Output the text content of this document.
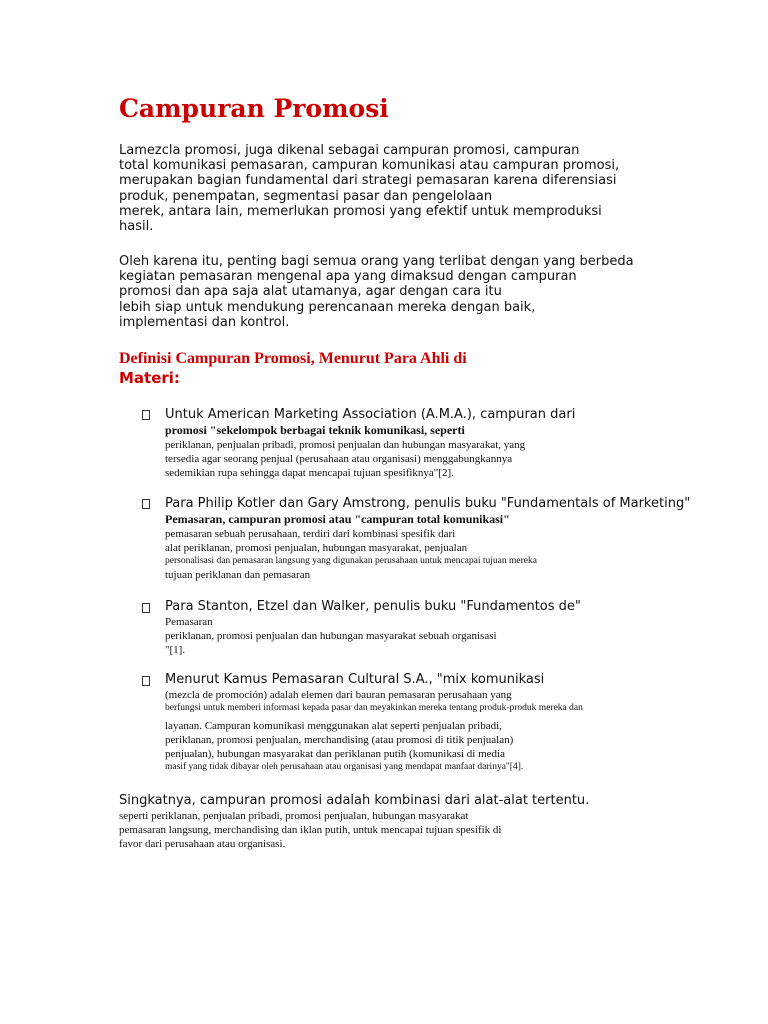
Campuran Promosi

Lamezcla promosi, juga dikenal sebagai campuran promosi, campuran
total komunikasi pemasaran, campuran komunikasi atau campuran promosi,
merupakan bagian fundamental dari strategi pemasaran karena diferensiasi
produk, penempatan, segmentasi pasar dan pengelolaan
merek, antara lain, memerlukan promosi yang efektif untuk memproduksi
hasil.

Oleh karena itu, penting bagi semua orang yang terlibat dengan yang berbeda
kegiatan pemasaran mengenal apa yang dimaksud dengan campuran
promosi dan apa saja alat utamanya, agar dengan cara itu
lebih siap untuk mendukung perencanaan mereka dengan baik,
implementasi dan kontrol.

Definisi Campuran Promosi, Menurut Para Ahli di
Materi:
Untuk American Marketing Association (A.M.A.), campuran dari
promosi "sekelompok berbagai teknik komunikasi, seperti
periklanan, penjualan pribadi, promosi penjualan dan hubungan masyarakat, yang
tersedia agar seorang penjual (perusahaan atau organisasi) menggabungkannya
sedemikian rupa sehingga dapat mencapai tujuan spesifiknya"[2].
Para Philip Kotler dan Gary Amstrong, penulis buku "Fundamentals of Marketing"
Pemasaran, campuran promosi atau "campuran total komunikasi"
pemasaran sebuah perusahaan, terdiri dari kombinasi spesifik dari
alat periklanan, promosi penjualan, hubungan masyarakat, penjualan
personalisasi dan pemasaran langsung yang digunakan perusahaan untuk mencapai tujuan mereka
tujuan periklanan dan pemasaran
Para Stanton, Etzel dan Walker, penulis buku "Fundamentos de"
Pemasaran
periklanan, promosi penjualan dan hubungan masyarakat sebuah organisasi
"[1].
Menurut Kamus Pemasaran Cultural S.A., "mix komunikasi
(mezcla de promoción) adalah elemen dari bauran pemasaran perusahaan yang
berfungsi untuk memberi informasi kepada pasar dan meyakinkan mereka tentang produk-produk mereka dan
layanan. Campuran komunikasi menggunakan alat seperti penjualan pribadi,
periklanan, promosi penjualan, merchandising (atau promosi di titik penjualan)
penjualan), hubungan masyarakat dan periklanan putih (komunikasi di media
masif yang tidak dibayar oleh perusahaan atau organisasi yang mendapat manfaat darinya"[4].
Singkatnya, campuran promosi adalah kombinasi dari alat-alat tertentu.
seperti periklanan, penjualan pribadi, promosi penjualan, hubungan masyarakat
pemasaran langsung, merchandising dan iklan putih, untuk mencapai tujuan spesifik di
favor dari perusahaan atau organisasi.
